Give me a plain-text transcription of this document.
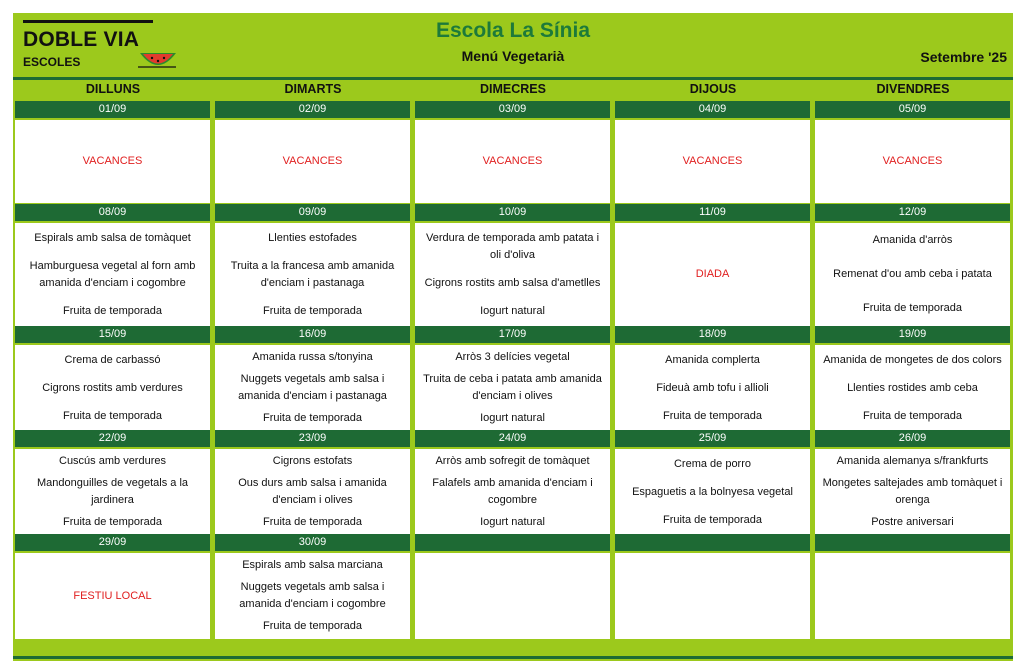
DOBLE VIA
ESCOLES
Escola La Sínia
Menú Vegetarià	Setembre '25
DILLUNS	DIMARTS	DIMECRES	DIJOUS	DIVENDRES
01/09
VACANCES
02/09
VACANCES
03/09
VACANCES
04/09
VACANCES
05/09
VACANCES
08/09
Espirals amb salsa de tomàquet
Hamburguesa vegetal al forn amb amanida d'enciam i cogombre
Fruita de temporada
09/09
Llenties estofades
Truita a la francesa amb amanida d'enciam i pastanaga
Fruita de temporada
10/09
Verdura de temporada amb patata i oli d'oliva
Cigrons rostits amb salsa d'ametlles
Iogurt natural
11/09
DIADA
12/09
Amanida d'arròs
Remenat d'ou amb ceba i patata
Fruita de temporada
15/09
Crema de carbassó
Cigrons rostits amb verdures
Fruita de temporada
16/09
Amanida russa s/tonyina
Nuggets vegetals amb salsa i amanida d'enciam i pastanaga
Fruita de temporada
17/09
Arròs 3 delícies vegetal
Truita de ceba i patata amb amanida d'enciam i olives
Iogurt natural
18/09
Amanida complerta
Fideuà amb tofu i allioli
Fruita de temporada
19/09
Amanida de mongetes de dos colors
Llenties rostides amb ceba
Fruita de temporada
22/09
Cuscús amb verdures
Mandonguilles de vegetals a la jardinera
Fruita de temporada
23/09
Cigrons estofats
Ous durs amb salsa i amanida d'enciam i olives
Fruita de temporada
24/09
Arròs amb sofregit de tomàquet
Falafels amb amanida d'enciam i cogombre
Iogurt natural
25/09
Crema de porro
Espaguetis a la bolnyesa vegetal
Fruita de temporada
26/09
Amanida alemanya s/frankfurts
Mongetes saltejades amb tomàquet i orenga
Postre aniversari
29/09
FESTIU LOCAL
30/09
Espirals amb salsa marciana
Nuggets vegetals amb salsa i amanida d'enciam i cogombre
Fruita de temporada
